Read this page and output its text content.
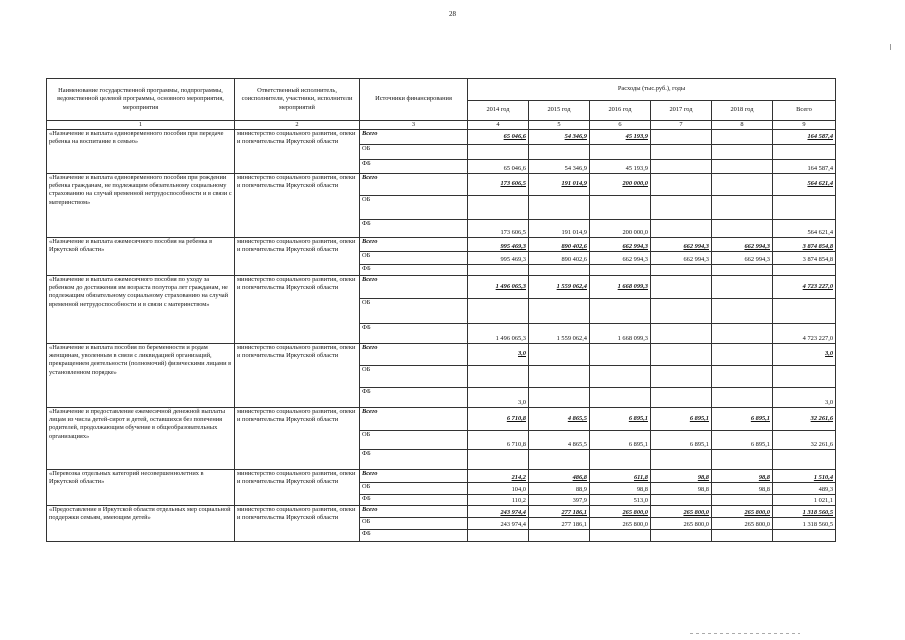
28
Наименование государственной программы, подпрограммы, ведомственной целевой программы, основного мероприятия, мероприятия	Ответственный исполнитель, соисполнители, участники, исполнители мероприятий	Источники финансирования	Расходы (тыс.руб.), годы					
			2014 год	2015 год	2016 год	2017 год	2018 год	Всего
1	2	3	4	5	6	7	8	9
«Назначение и выплата единовременного пособия при передаче ребенка на воспитание в семью»	министерство социального развития, опеки и попечительства Иркутской области	Всего	65 046,6	54 346,9	45 193,9			164 587,4
		ОБ						
		ФБ	65 046,6	54 346,9	45 193,9			164 587,4
«Назначение и выплата единовременного пособия при рождении ребенка гражданам, не подлежащим обязательному социальному страхованию на случай временной нетрудоспособности и в связи с материнством»	министерство социального развития, опеки и попечительства Иркутской области	Всего	173 606,5	191 014,9	200 000,0			564 621,4
		ОБ						
		ФБ	173 606,5	191 014,9	200 000,0			564 621,4
«Назначение и выплата ежемесячного пособия на ребенка в Иркутской области»	министерство социального развития, опеки и попечительства Иркутской области	Всего	995 469,3	890 402,6	662 994,3	662 994,3	662 994,3	3 874 854,8
		ОБ	995 469,3	890 402,6	662 994,3	662 994,3	662 994,3	3 874 854,8
		ФБ						
«Назначение и выплата ежемесячного пособия по уходу за ребенком до достижения им возраста полутора лет гражданам, не подлежащим обязательному социальному страхованию на случай временной нетрудоспособности и в связи с материнством»	министерство социального развития, опеки и попечительства Иркутской области	Всего	1 496 065,3	1 559 062,4	1 668 099,3			4 723 227,0
		ОБ						
		ФБ	1 496 065,3	1 559 062,4	1 668 099,3			4 723 227,0
«Назначение и выплата пособия по беременности и родам женщинам, уволенным в связи с ликвидацией организаций, прекращением деятельности (полномочий) физическими лицами в установленном порядке»	министерство социального развития, опеки и попечительства Иркутской области	Всего	3,0					3,0
		ОБ						
		ФБ	3,0					3,0
«Назначение и предоставление ежемесячной денежной выплаты лицам из числа детей-сирот и детей, оставшихся без попечения родителей, продолжающим обучение в общеобразовательных организациях»	министерство социального развития, опеки и попечительства Иркутской области	Всего	6 710,8	4 865,5	6 895,1	6 895,1	6 895,1	32 261,6
		ОБ	6 710,8	4 865,5	6 895,1	6 895,1	6 895,1	32 261,6
		ФБ						
«Перевозка отдельных категорий несовершеннолетних в Иркутской области»	министерство социального развития, опеки и попечительства Иркутской области	Всего	214,2	486,8	611,8	98,8	98,8	1 510,4
		ОБ	104,0	88,9	98,8	98,8	98,8	489,3
		ФБ	110,2	397,9	513,0			1 021,1
«Предоставление в Иркутской области отдельных мер социальной поддержки семьям, имеющим детей»	министерство социального развития, опеки и попечительства Иркутской области	Всего	243 974,4	277 186,1	265 800,0	265 800,0	265 800,0	1 318 560,5
		ОБ	243 974,4	277 186,1	265 800,0	265 800,0	265 800,0	1 318 560,5
		ФБ						
